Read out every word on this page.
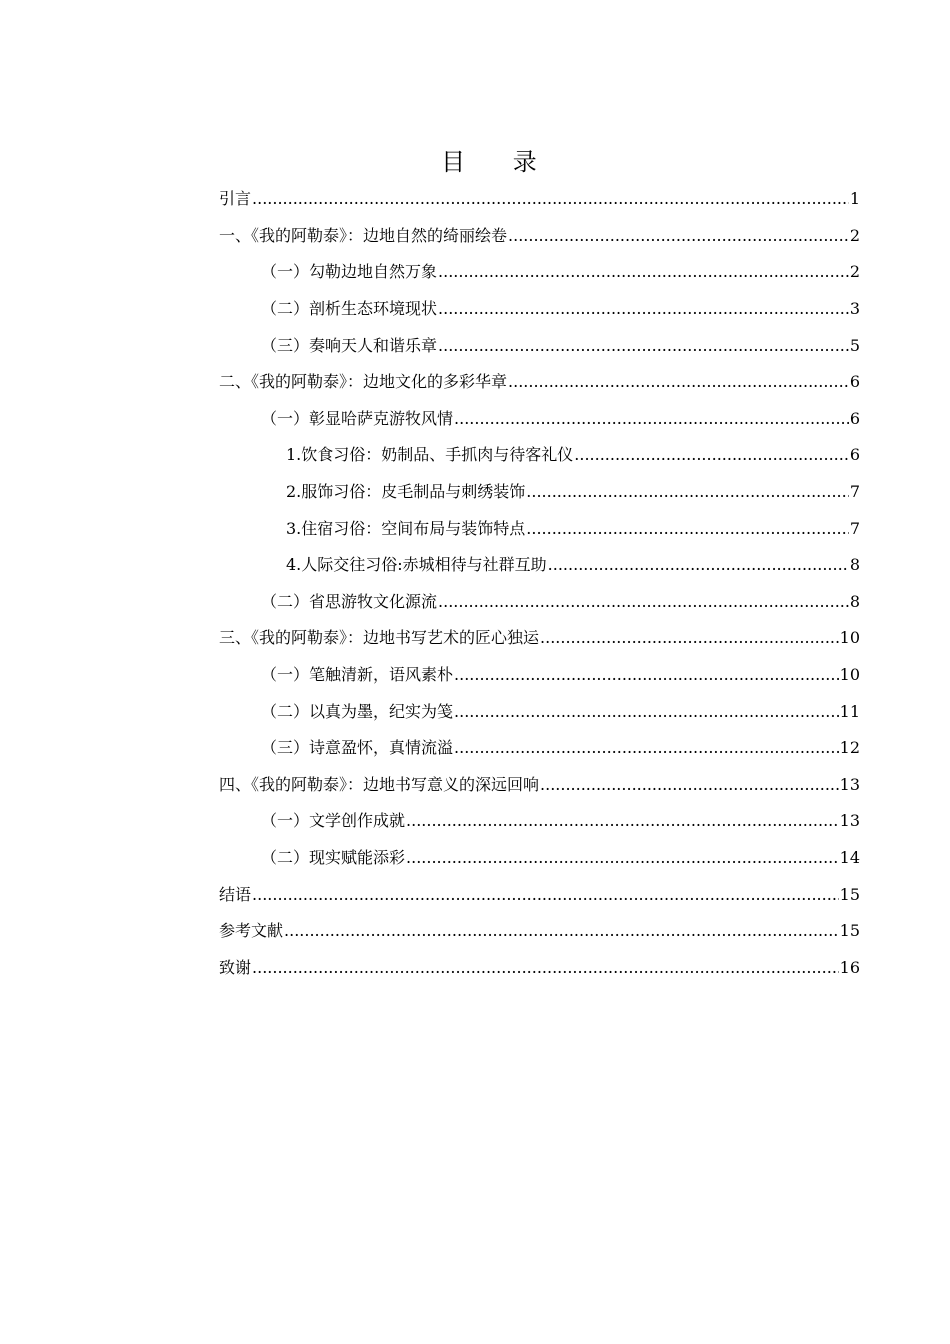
目 录
引言 .....	1
一、《我的阿勒泰》：边地自然的绮丽绘卷 .....	2
（一）勾勒边地自然万象 .....	2
（二）剖析生态环境现状 .....	3
（三）奏响天人和谐乐章 .....	5
二、《我的阿勒泰》：边地文化的多彩华章 .....	6
（一）彰显哈萨克游牧风情 .....	6
1.饮食习俗：奶制品、手抓肉与待客礼仪 .....	6
2.服饰习俗：皮毛制品与刺绣装饰 .....	7
3.住宿习俗：空间布局与装饰特点 .....	7
4.人际交往习俗:赤城相待与社群互助 .....	8
（二）省思游牧文化源流 .....	8
三、《我的阿勒泰》：边地书写艺术的匠心独运 .....	10
（一）笔触清新，语风素朴 .....	10
（二）以真为墨，纪实为笺 .....	11
（三）诗意盈怀，真情流溢 .....	12
四、《我的阿勒泰》：边地书写意义的深远回响 .....	13
（一）文学创作成就 .....	13
（二）现实赋能添彩 .....	14
结语 .....	15
参考文献 .....	15
致谢 .....	16
